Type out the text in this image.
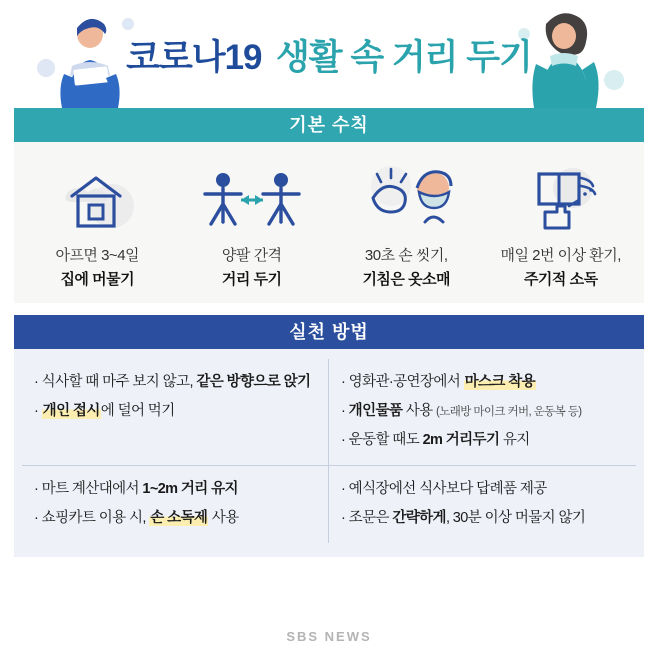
코로나19 생활 속 거리 두기
기본 수칙
아프면 3~4일
집에 머물기
양팔 간격
거리 두기
30초 손 씻기,
기침은 옷소매
매일 2번 이상 환기,
주기적 소독
실천 방법
· 식사할 때 마주 보지 않고, 같은 방향으로 앉기
· 개인 접시에 덜어 먹기
· 영화관·공연장에서 마스크 착용
· 개인물품 사용 (노래방 마이크 커버, 운동복 등)
· 운동할 때도 2m 거리두기 유지
· 마트 계산대에서 1~2m 거리 유지
· 쇼핑카트 이용 시, 손 소독제 사용
· 예식장에선 식사보다 답례품 제공
· 조문은 간략하게, 30분 이상 머물지 않기
SBS NEWS
